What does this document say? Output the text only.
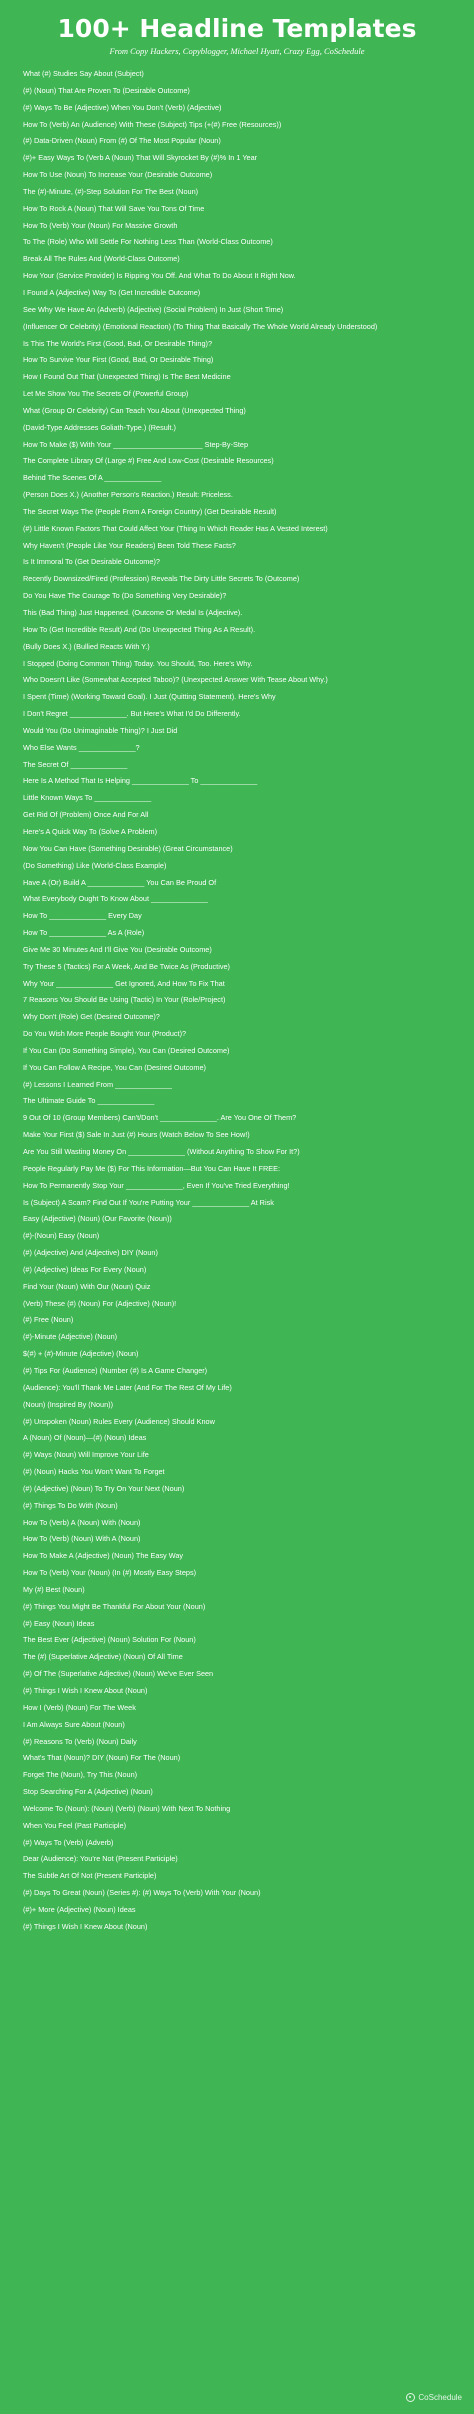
100+ Headline Templates
From Copy Hackers, Copyblogger, Michael Hyatt, Crazy Egg, CoSchedule
What (#) Studies Say About (Subject)
(#) (Noun) That Are Proven To (Desirable Outcome)
(#) Ways To Be (Adjective) When You Don't (Verb) (Adjective)
How To (Verb) An (Audience) With These (Subject) Tips (+(#) Free (Resources))
(#) Data-Driven (Noun) From (#) Of The Most Popular (Noun)
(#)+ Easy Ways To (Verb A (Noun) That Will Skyrocket By (#)% In 1 Year
How To Use (Noun) To Increase Your (Desirable Outcome)
The (#)-Minute, (#)-Step Solution For The Best (Noun)
How To Rock A (Noun) That Will Save You Tons Of Time
How To (Verb) Your (Noun) For Massive Growth
To The (Role) Who Will Settle For Nothing Less Than (World-Class Outcome)
Break All The Rules And (World-Class Outcome)
How Your (Service Provider) Is Ripping You Off. And What To Do About It Right Now.
I Found A (Adjective) Way To (Get Incredible Outcome)
See Why We Have An (Adverb) (Adjective) (Social Problem) In Just (Short Time)
(Influencer Or Celebrity) (Emotional Reaction) (To Thing That Basically The Whole World Already Understood)
Is This The World's First (Good, Bad, Or Desirable Thing)?
How To Survive Your First (Good, Bad, Or Desirable Thing)
How I Found Out That (Unexpected Thing) Is The Best Medicine
Let Me Show You The Secrets Of (Powerful Group)
What (Group Or Celebrity) Can Teach You About (Unexpected Thing)
(David-Type Addresses Goliath-Type.) (Result.)
How To Make ($) With Your ______________________ Step-By-Step
The Complete Library Of (Large #) Free And Low-Cost (Desirable Resources)
Behind The Scenes Of A ______________
(Person Does X.) (Another Person's Reaction.) Result: Priceless.
The Secret Ways The (People From A Foreign Country) (Get Desirable Result)
(#) Little Known Factors That Could Affect Your (Thing In Which Reader Has A Vested Interest)
Why Haven't (People Like Your Readers) Been Told These Facts?
Is It Immoral To (Get Desirable Outcome)?
Recently Downsized/Fired (Profession) Reveals The Dirty Little Secrets To (Outcome)
Do You Have The Courage To (Do Something Very Desirable)?
This (Bad Thing) Just Happened. (Outcome Or Medal Is (Adjective).
How To (Get Incredible Result) And (Do Unexpected Thing As A Result).
(Bully Does X.) (Bullied Reacts With Y.)
I Stopped (Doing Common Thing) Today. You Should, Too. Here's Why.
Who Doesn't Like (Somewhat Accepted Taboo)? (Unexpected Answer With Tease About Why.)
I Spent (Time) (Working Toward Goal). I Just (Quitting Statement). Here's Why
I Don't Regret ______________. But Here's What I'd Do Differently.
Would You (Do Unimaginable Thing)? I Just Did
Who Else Wants ______________?
The Secret Of ______________
Here Is A Method That Is Helping ______________ To ______________
Little Known Ways To ______________
Get Rid Of (Problem) Once And For All
Here's A Quick Way To (Solve A Problem)
Now You Can Have (Something Desirable) (Great Circumstance)
(Do Something) Like (World-Class Example)
Have A (Or) Build A ______________ You Can Be Proud Of
What Everybody Ought To Know About ______________
How To ______________ Every Day
How To ______________ As A (Role)
Give Me 30 Minutes And I'll Give You (Desirable Outcome)
Try These 5 (Tactics) For A Week, And Be Twice As (Productive)
Why Your ______________ Get Ignored, And How To Fix That
7 Reasons You Should Be Using (Tactic) In Your (Role/Project)
Why Don't (Role) Get (Desired Outcome)?
Do You Wish More People Bought Your (Product)?
If You Can (Do Something Simple), You Can (Desired Outcome)
If You Can Follow A Recipe, You Can (Desired Outcome)
(#) Lessons I Learned From ______________
The Ultimate Guide To ______________
9 Out Of 10 (Group Members) Can't/Don't ______________. Are You One Of Them?
Make Your First ($) Sale In Just (#) Hours (Watch Below To See How!)
Are You Still Wasting Money On ______________ (Without Anything To Show For It?)
People Regularly Pay Me ($) For This Information—But You Can Have It FREE:
How To Permanently Stop Your ______________, Even If You've Tried Everything!
Is (Subject) A Scam? Find Out If You're Putting Your ______________ At Risk
Easy (Adjective) (Noun) (Our Favorite (Noun))
(#)-(Noun) Easy (Noun)
(#) (Adjective) And (Adjective) DIY (Noun)
(#) (Adjective) Ideas For Every (Noun)
Find Your (Noun) With Our (Noun) Quiz
(Verb) These (#) (Noun) For (Adjective) (Noun)!
(#) Free (Noun)
(#)-Minute (Adjective) (Noun)
$(#) + (#)-Minute (Adjective) (Noun)
(#) Tips For (Audience) (Number (#) Is A Game Changer)
(Audience): You'll Thank Me Later (And For The Rest Of My Life)
(Noun) (Inspired By (Noun))
(#) Unspoken (Noun) Rules Every (Audience) Should Know
A (Noun) Of (Noun)—(#) (Noun) Ideas
(#) Ways (Noun) Will Improve Your Life
(#) (Noun) Hacks You Won't Want To Forget
(#) (Adjective) (Noun) To Try On Your Next (Noun)
(#) Things To Do With (Noun)
How To (Verb) A (Noun) With (Noun)
How To (Verb) (Noun) With A (Noun)
How To Make A (Adjective) (Noun) The Easy Way
How To (Verb) Your (Noun) (In (#) Mostly Easy Steps)
My (#) Best (Noun)
(#) Things You Might Be Thankful For About Your (Noun)
(#) Easy (Noun) Ideas
The Best Ever (Adjective) (Noun) Solution For (Noun)
The (#) (Superlative Adjective) (Noun) Of All Time
(#) Of The (Superlative Adjective) (Noun) We've Ever Seen
(#) Things I Wish I Knew About (Noun)
How I (Verb) (Noun) For The Week
I Am Always Sure About (Noun)
(#) Reasons To (Verb) (Noun) Daily
What's That (Noun)? DIY (Noun) For The (Noun)
Forget The (Noun), Try This (Noun)
Stop Searching For A (Adjective) (Noun)
Welcome To (Noun): (Noun) (Verb) (Noun) With Next To Nothing
When You Feel (Past Participle)
(#) Ways To (Verb) (Adverb)
Dear (Audience): You're Not (Present Participle)
The Subtle Art Of Not (Present Participle)
(#) Days To Great (Noun) (Series #): (#) Ways To (Verb) With Your (Noun)
(#)+ More (Adjective) (Noun) Ideas
(#) Things I Wish I Knew About (Noun)
CoSchedule
